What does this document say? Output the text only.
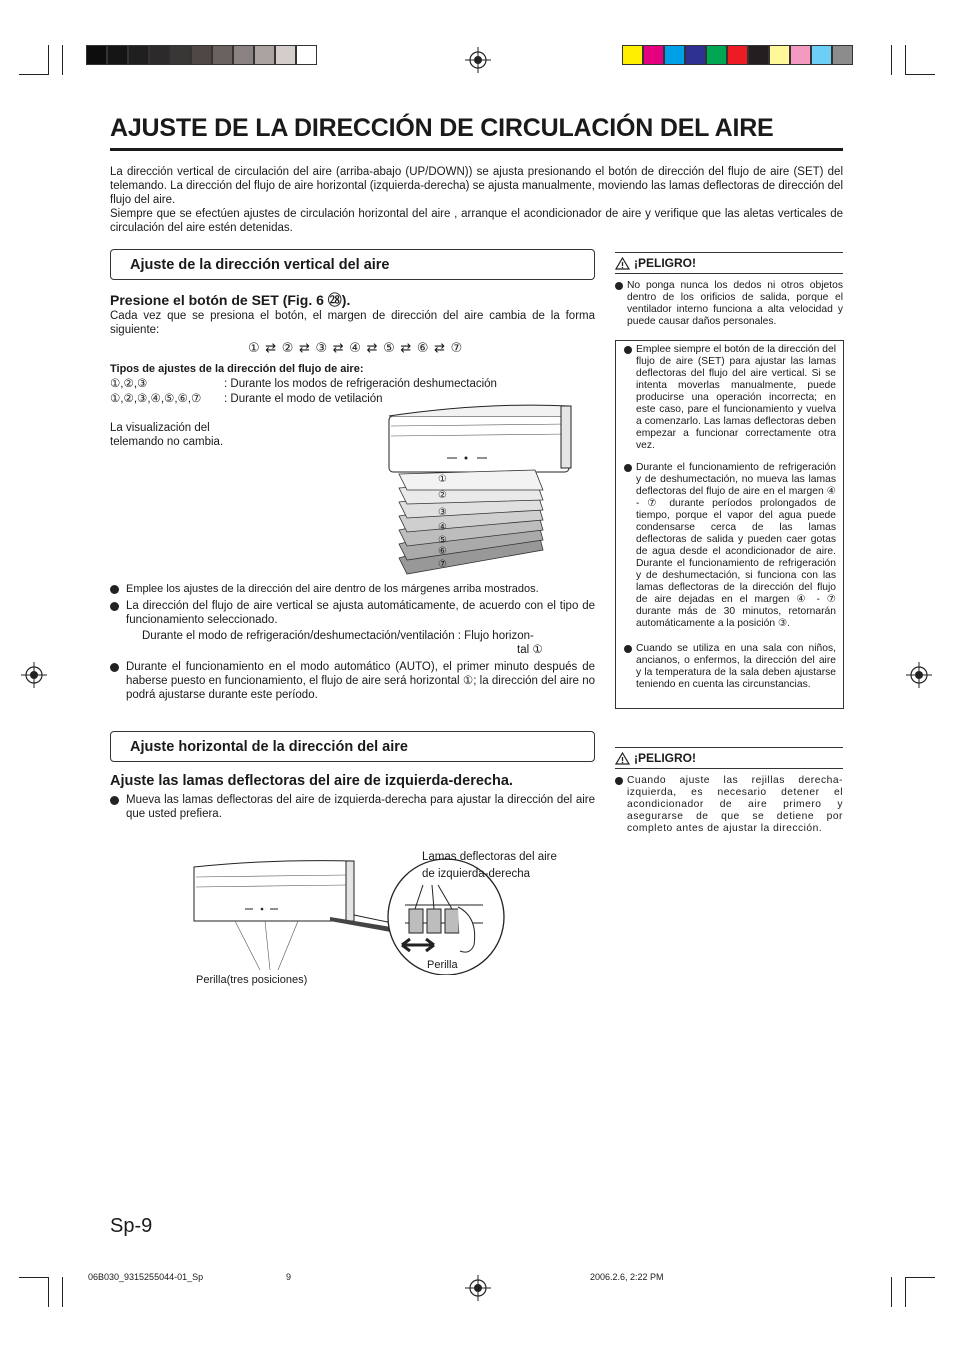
AJUSTE DE LA DIRECCIÓN DE CIRCULACIÓN DEL AIRE

La dirección vertical de circulación del aire (arriba-abajo (UP/DOWN)) se ajusta presionando el botón de dirección del flujo de aire (SET) del telemando. La dirección del flujo de aire horizontal (izquierda-derecha) se ajusta manualmente, moviendo las lamas deflectoras de dirección del flujo del aire.

Siempre que se efectúen ajustes de circulación horizontal del aire , arranque el acondicionador de aire y verifique que las aletas verticales de circulación del aire estén detenidas.

Ajuste de la dirección vertical del aire
Presione el botón de SET (Fig. 6 ㉘).
Cada vez que se presiona el botón, el margen de dirección del aire cambia de la forma siguiente:
① ⇄ ② ⇄ ③ ⇄ ④ ⇄ ⑤ ⇄ ⑥ ⇄ ⑦
Tipos de ajustes de la dirección del flujo de aire:
①,②,③	: Durante los modos de refrigeración deshumectación
①,②,③,④,⑤,⑥,⑦ : Durante el modo de vetilación
La visualización del telemando no cambia.
①
②
③
④
⑤
⑥
⑦
Emplee los ajustes de la dirección del aire dentro de los márgenes arriba mostrados.
La dirección del flujo de aire vertical se ajusta automáticamente, de acuerdo con el tipo de funcionamiento seleccionado.
Durante el modo de refrigeración/deshumectación/ventilación : Flujo horizon-
tal ①
Durante el funcionamiento en el modo automático (AUTO), el primer minuto después de haberse puesto en funcionamiento, el flujo de aire será horizontal ①; la dirección del aire no podrá ajustarse durante este período.
¡PELIGRO!
No ponga nunca los dedos ni otros objetos dentro de los orificios de salida, porque el ventilador interno funciona a alta velocidad y puede causar daños personales.
Emplee siempre el botón de la dirección del flujo de aire (SET) para ajustar las lamas deflectoras del flujo del aire vertical. Si se intenta moverlas manualmente, puede producirse una operación incorrecta; en este caso, pare el funcionamiento y vuelva a comenzarlo. Las lamas deflectoras deben empezar a funcionar correctamente otra vez.
Durante el funcionamiento de refrigeración y de deshumectación, no mueva las lamas deflectoras del flujo de aire en el margen ④ - ⑦ durante períodos prolongados de tiempo, porque el vapor del agua puede condensarse cerca de las lamas deflectoras de salida y pueden caer gotas de agua desde el acondicionador de aire. Durante el funcionamiento de refrigeración y de deshumectación, si funciona con las lamas deflectoras de la dirección del flujo de aire dejadas en el margen ④ - ⑦ durante más de 30 minutos, retornarán automáticamente a la posición ③.
Cuando se utiliza en una sala con niños, ancianos, o enfermos, la dirección del aire y la temperatura de la sala deben ajustarse teniendo en cuenta las circunstancias.
Ajuste horizontal de la dirección del aire
Ajuste las lamas deflectoras del aire de izquierda-derecha.
Mueva las lamas deflectoras del aire de izquierda-derecha para ajustar la dirección del aire que usted prefiera.
¡PELIGRO!
Cuando ajuste las rejillas derecha-izquierda, es necesario detener el acondicionador de aire primero y asegurarse de que se detiene por completo antes de ajustar la dirección.
Lamas deflectoras del aire
de izquierda-derecha
Perilla
Perilla(tres posiciones)
Sp-9
06B030_9315255044-01_Sp	9	2006.2.6, 2:22 PM
